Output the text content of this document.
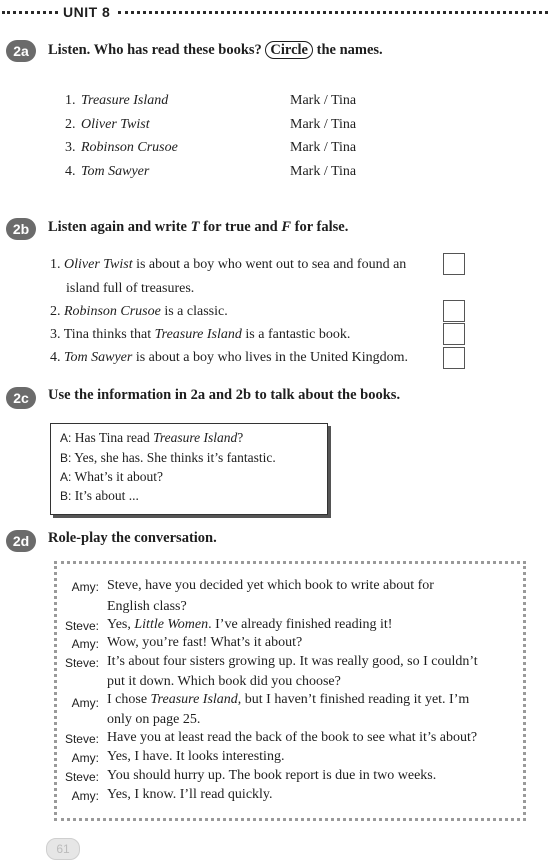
UNIT 8
2a	Listen. Who has read these books? Circle the names.
1. Treasure Island	Mark / Tina
2. Oliver Twist	Mark / Tina
3. Robinson Crusoe	Mark / Tina
4. Tom Sawyer	Mark / Tina
2b	Listen again and write T for true and F for false.
1. Oliver Twist is about a boy who went out to sea and found an
island full of treasures.
2. Robinson Crusoe is a classic.
3. Tina thinks that Treasure Island is a fantastic book.
4. Tom Sawyer is about a boy who lives in the United Kingdom.
2c	Use the information in 2a and 2b to talk about the books.
A: Has Tina read Treasure Island?
B: Yes, she has. She thinks it’s fantastic.
A: What’s it about?
B: It’s about ...
2d	Role-play the conversation.
Amy: Steve, have you decided yet which book to write about for
English class?
Steve: Yes, Little Women. I’ve already finished reading it!
Amy: Wow, you’re fast! What’s it about?
Steve: It’s about four sisters growing up. It was really good, so I couldn’t
put it down. Which book did you choose?
Amy: I chose Treasure Island, but I haven’t finished reading it yet. I’m
only on page 25.
Steve: Have you at least read the back of the book to see what it’s about?
Amy: Yes, I have. It looks interesting.
Steve: You should hurry up. The book report is due in two weeks.
Amy: Yes, I know. I’ll read quickly.
61
